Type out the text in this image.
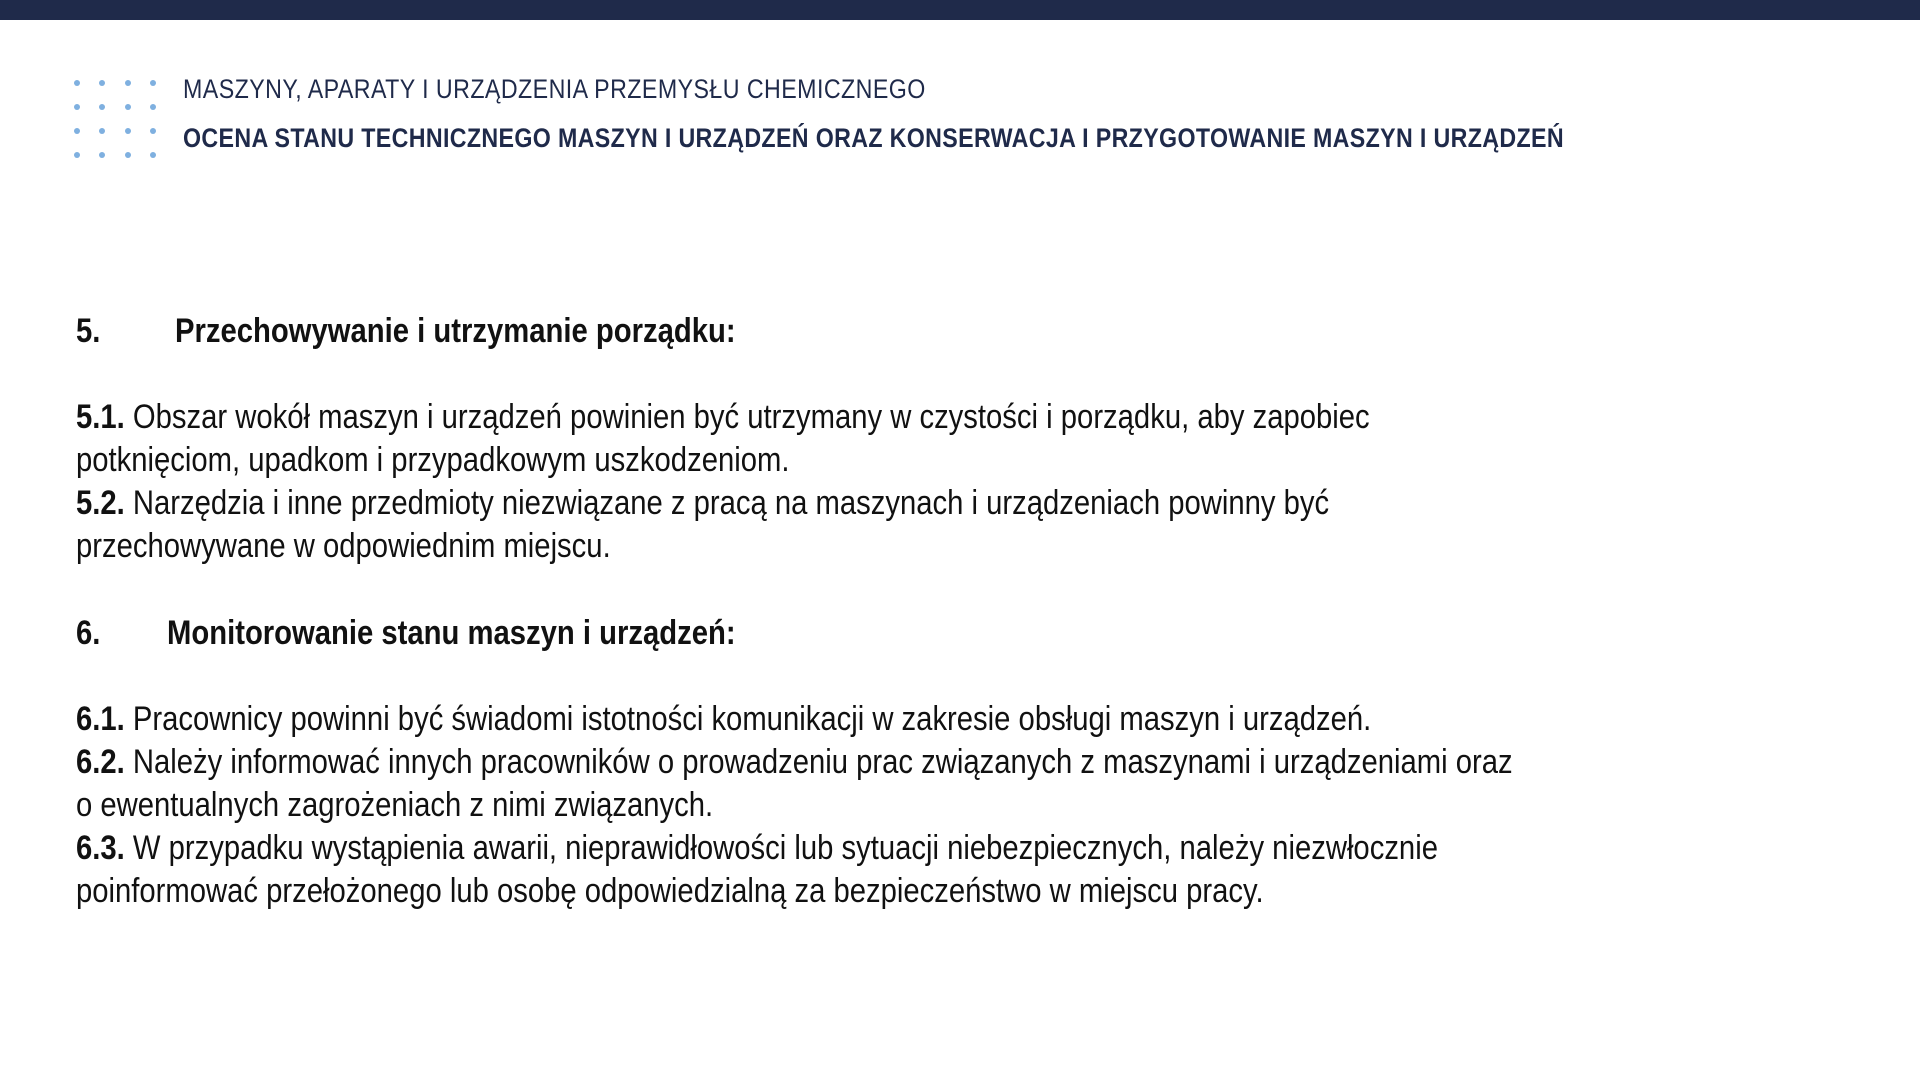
MASZYNY, APARATY I URZĄDZENIA PRZEMYSŁU CHEMICZNEGO
OCENA STANU TECHNICZNEGO MASZYN I URZĄDZEŃ ORAZ KONSERWACJA I PRZYGOTOWANIE MASZYN I URZĄDZEŃ
5. Przechowywanie i utrzymanie porządku:
5.1. Obszar wokół maszyn i urządzeń powinien być utrzymany w czystości i porządku, aby zapobiec
potknięciom, upadkom i przypadkowym uszkodzeniom.
5.2. Narzędzia i inne przedmioty niezwiązane z pracą na maszynach i urządzeniach powinny być
przechowywane w odpowiednim miejscu.
6. Monitorowanie stanu maszyn i urządzeń:
6.1. Pracownicy powinni być świadomi istotności komunikacji w zakresie obsługi maszyn i urządzeń.
6.2. Należy informować innych pracowników o prowadzeniu prac związanych z maszynami i urządzeniami oraz
o ewentualnych zagrożeniach z nimi związanych.
6.3. W przypadku wystąpienia awarii, nieprawidłowości lub sytuacji niebezpiecznych, należy niezwłocznie
poinformować przełożonego lub osobę odpowiedzialną za bezpieczeństwo w miejscu pracy.
